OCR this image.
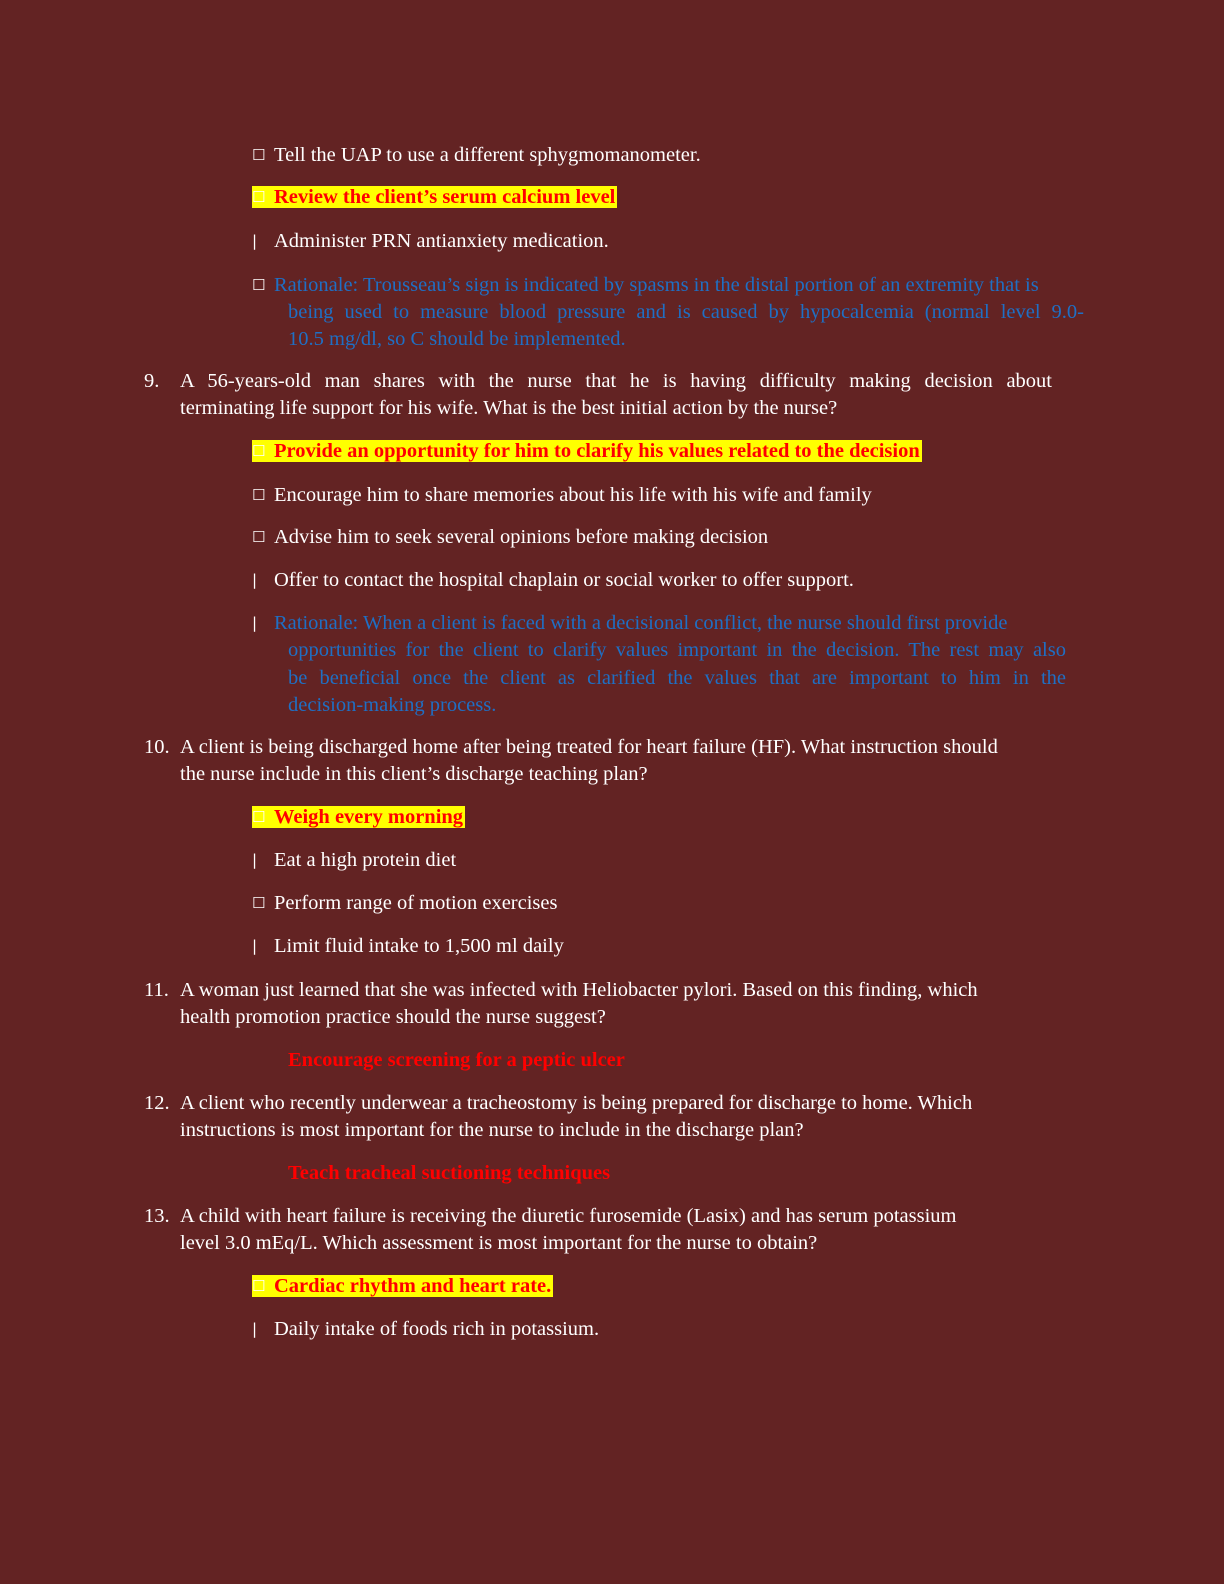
☐ Tell the UAP to use a different sphygmomanometer.
☐ Review the client’s serum calcium level
| Administer PRN antianxiety medication.
☐ Rationale: Trousseau’s sign is indicated by spasms in the distal portion of an extremity that is
being used to measure blood pressure and is caused by hypocalcemia (normal level 9.0-
10.5 mg/dl, so C should be implemented.
9. A 56-years-old man shares with the nurse that he is having difficulty making decision about
terminating life support for his wife. What is the best initial action by the nurse?
☐ Provide an opportunity for him to clarify his values related to the decision
☐ Encourage him to share memories about his life with his wife and family
☐ Advise him to seek several opinions before making decision
| Offer to contact the hospital chaplain or social worker to offer support.
| Rationale: When a client is faced with a decisional conflict, the nurse should first provide
opportunities for the client to clarify values important in the decision. The rest may also
be beneficial once the client as clarified the values that are important to him in the
decision-making process.
10. A client is being discharged home after being treated for heart failure (HF). What instruction should
the nurse include in this client’s discharge teaching plan?
☐ Weigh every morning
| Eat a high protein diet
☐ Perform range of motion exercises
| Limit fluid intake to 1,500 ml daily
11. A woman just learned that she was infected with Heliobacter pylori. Based on this finding, which
health promotion practice should the nurse suggest?
Encourage screening for a peptic ulcer
12. A client who recently underwear a tracheostomy is being prepared for discharge to home. Which
instructions is most important for the nurse to include in the discharge plan?
Teach tracheal suctioning techniques
13. A child with heart failure is receiving the diuretic furosemide (Lasix) and has serum potassium
level 3.0 mEq/L. Which assessment is most important for the nurse to obtain?
☐ Cardiac rhythm and heart rate.
| Daily intake of foods rich in potassium.
